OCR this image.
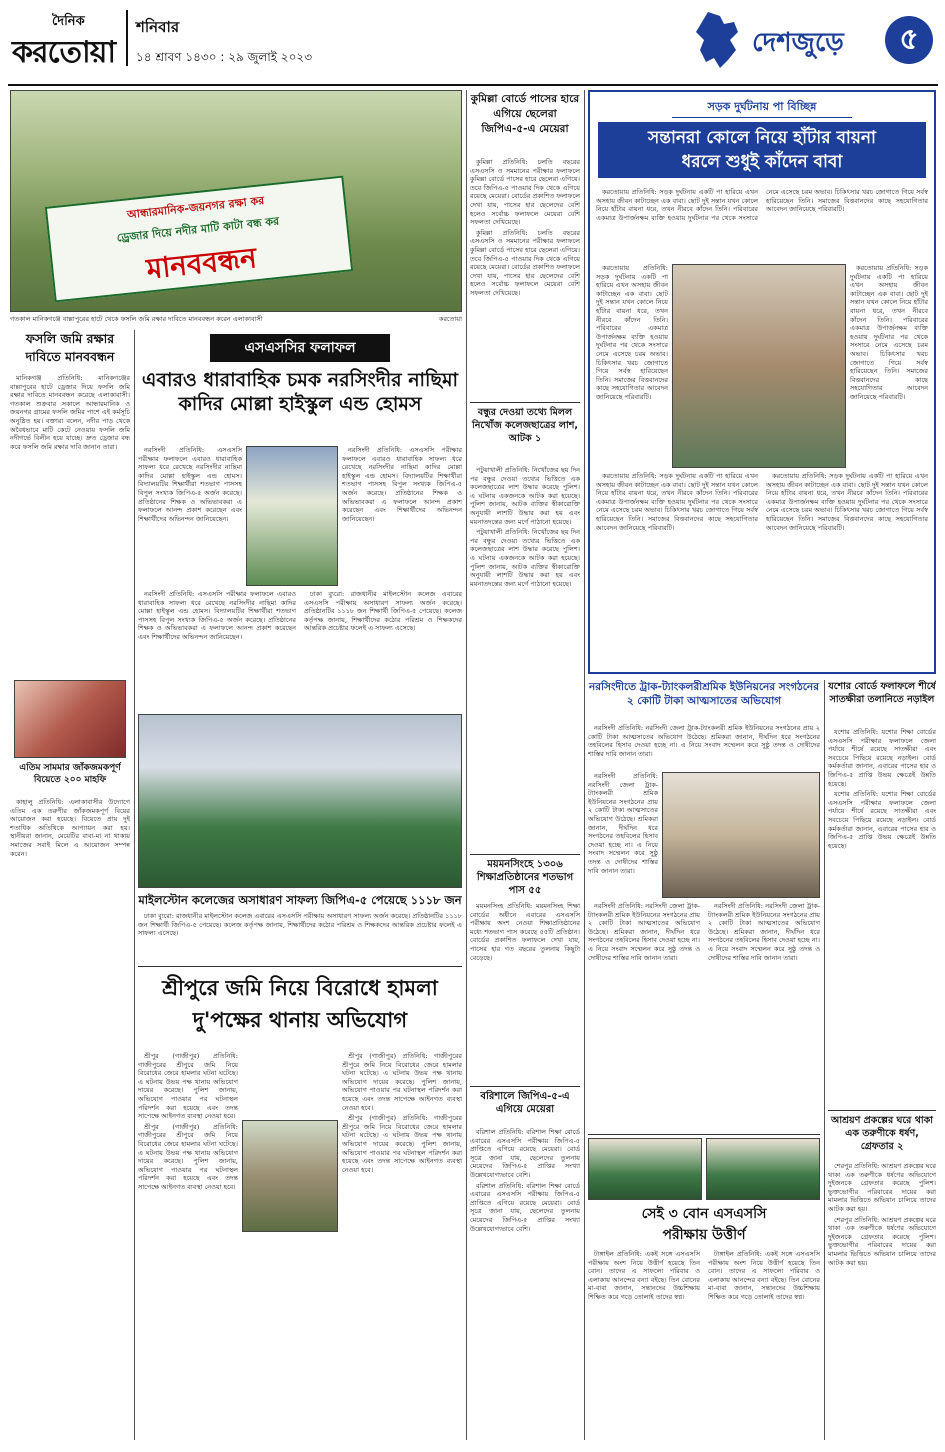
দৈনিক
করতোয়া
শনিবার
১৪ শ্রাবণ ১৪৩০ : ২৯ জুলাই ২০২৩	দেশজুড়ে	৫
আন্ধারমানিক-জয়নগর রক্ষা কর
ড্রেজার দিয়ে নদীর মাটি কাটা বন্ধ কর
মানববন্ধন
গতকাল মানিকগঞ্জে বাল্লাপুরের হাটে থেকে ফসলি জমি রক্ষার দাবিতে মানববন্ধন করেন এলাকাবাসী	করতোয়া
ফসলি জমি রক্ষার
দাবিতে মানববন্ধন

মানিকগঞ্জ প্রতিনিধি: মানিকগঞ্জের বাল্লাপুরের হাটে ড্রেজার দিয়ে ফসলি জমি রক্ষার দাবিতে মানববন্ধন করেছে এলাকাবাসী। গতকাল শুক্রবার সকালে আন্ধারমানিক ও জয়নগর গ্রামের ফসলি জমির পাশে এই কর্মসূচি অনুষ্ঠিত হয়। বক্তারা বলেন, নদীর পাড় থেকে অবৈধভাবে মাটি কেটে নেওয়ায় ফসলি জমি নদীগর্ভে বিলীন হয়ে যাচ্ছে। দ্রুত ড্রেজার বন্ধ করে ফসলি জমি রক্ষার দাবি জানান তারা।

এতিম সামমার জাঁকজমকপূর্ণ বিয়েতে ২০০ মাহফি

কাহালু প্রতিনিধি: এলাকাবাসীর উদ্যোগে এতিম এক তরুণীর জাঁকজমকপূর্ণ বিয়ের আয়োজন করা হয়েছে। বিয়েতে প্রায় দুই শতাধিক অতিথিকে আপ্যায়ন করা হয়। স্থানীয়রা জানান, মেয়েটির বাবা-মা না থাকায় সমাজের সবাই মিলে এ আয়োজন সম্পন্ন করেন।

এসএসসির ফলাফল
এবারও ধারাবাহিক চমক নরসিংদীর নাছিমা
কাদির মোল্লা হাইস্কুল এন্ড হোমস

নরসিংদী প্রতিনিধি: এসএসসি পরীক্ষার ফলাফলে এবারও ধারাবাহিক সাফল্য ধরে রেখেছে নরসিংদীর নাছিমা কাদির মোল্লা হাইস্কুল এন্ড হোমস। বিদ্যালয়টির শিক্ষার্থীরা শতভাগ পাসসহ বিপুল সংখ্যক জিপিএ-৫ অর্জন করেছে। প্রতিষ্ঠানের শিক্ষক ও অভিভাবকরা এ ফলাফলে আনন্দ প্রকাশ করেছেন এবং শিক্ষার্থীদের অভিনন্দন জানিয়েছেন।

নরসিংদী প্রতিনিধি: এসএসসি পরীক্ষার ফলাফলে এবারও ধারাবাহিক সাফল্য ধরে রেখেছে নরসিংদীর নাছিমা কাদির মোল্লা হাইস্কুল এন্ড হোমস। বিদ্যালয়টির শিক্ষার্থীরা শতভাগ পাসসহ বিপুল সংখ্যক জিপিএ-৫ অর্জন করেছে। প্রতিষ্ঠানের শিক্ষক ও অভিভাবকরা এ ফলাফলে আনন্দ প্রকাশ করেছেন এবং শিক্ষার্থীদের অভিনন্দন জানিয়েছেন।

নরসিংদী প্রতিনিধি: এসএসসি পরীক্ষার ফলাফলে এবারও ধারাবাহিক সাফল্য ধরে রেখেছে নরসিংদীর নাছিমা কাদির মোল্লা হাইস্কুল এন্ড হোমস। বিদ্যালয়টির শিক্ষার্থীরা শতভাগ পাসসহ বিপুল সংখ্যক জিপিএ-৫ অর্জন করেছে। প্রতিষ্ঠানের শিক্ষক ও অভিভাবকরা এ ফলাফলে আনন্দ প্রকাশ করেছেন এবং শিক্ষার্থীদের অভিনন্দন জানিয়েছেন।

ঢাকা ব্যুরো: রাজধানীর মাইলস্টোন কলেজ এবারের এসএসসি পরীক্ষায় অসাধারণ সাফল্য অর্জন করেছে। প্রতিষ্ঠানটির ১১১৮ জন শিক্ষার্থী জিপিএ-৫ পেয়েছে। কলেজ কর্তৃপক্ষ জানায়, শিক্ষার্থীদের কঠোর পরিশ্রম ও শিক্ষকদের আন্তরিক প্রচেষ্টার ফলেই এ সাফল্য এসেছে।

মাইলস্টোন কলেজের অসাধারণ সাফল্য জিপিএ-৫ পেয়েছে ১১১৮ জন

ঢাকা ব্যুরো: রাজধানীর মাইলস্টোন কলেজ এবারের এসএসসি পরীক্ষায় অসাধারণ সাফল্য অর্জন করেছে। প্রতিষ্ঠানটির ১১১৮ জন শিক্ষার্থী জিপিএ-৫ পেয়েছে। কলেজ কর্তৃপক্ষ জানায়, শিক্ষার্থীদের কঠোর পরিশ্রম ও শিক্ষকদের আন্তরিক প্রচেষ্টার ফলেই এ সাফল্য এসেছে।

শ্রীপুরে জমি নিয়ে বিরোধে হামলা
দু'পক্ষের থানায় অভিযোগ

শ্রীপুর (গাজীপুর) প্রতিনিধি: গাজীপুরের শ্রীপুরে জমি নিয়ে বিরোধের জেরে হামলার ঘটনা ঘটেছে। এ ঘটনায় উভয় পক্ষ থানায় অভিযোগ দায়ের করেছে। পুলিশ জানায়, অভিযোগ পাওয়ার পর ঘটনাস্থল পরিদর্শন করা হয়েছে এবং তদন্ত সাপেক্ষে আইনগত ব্যবস্থা নেওয়া হবে।

শ্রীপুর (গাজীপুর) প্রতিনিধি: গাজীপুরের শ্রীপুরে জমি নিয়ে বিরোধের জেরে হামলার ঘটনা ঘটেছে। এ ঘটনায় উভয় পক্ষ থানায় অভিযোগ দায়ের করেছে। পুলিশ জানায়, অভিযোগ পাওয়ার পর ঘটনাস্থল পরিদর্শন করা হয়েছে এবং তদন্ত সাপেক্ষে আইনগত ব্যবস্থা নেওয়া হবে।

শ্রীপুর (গাজীপুর) প্রতিনিধি: গাজীপুরের শ্রীপুরে জমি নিয়ে বিরোধের জেরে হামলার ঘটনা ঘটেছে। এ ঘটনায় উভয় পক্ষ থানায় অভিযোগ দায়ের করেছে। পুলিশ জানায়, অভিযোগ পাওয়ার পর ঘটনাস্থল পরিদর্শন করা হয়েছে এবং তদন্ত সাপেক্ষে আইনগত ব্যবস্থা নেওয়া হবে।

শ্রীপুর (গাজীপুর) প্রতিনিধি: গাজীপুরের শ্রীপুরে জমি নিয়ে বিরোধের জেরে হামলার ঘটনা ঘটেছে। এ ঘটনায় উভয় পক্ষ থানায় অভিযোগ দায়ের করেছে। পুলিশ জানায়, অভিযোগ পাওয়ার পর ঘটনাস্থল পরিদর্শন করা হয়েছে এবং তদন্ত সাপেক্ষে আইনগত ব্যবস্থা নেওয়া হবে।

কুমিল্লা বোর্ডে পাসের হারে এগিয়ে ছেলেরা জিপিএ-৫-এ মেয়েরা

কুমিল্লা প্রতিনিধি: চলতি বছরের এসএসসি ও সমমানের পরীক্ষার ফলাফলে কুমিল্লা বোর্ডে পাসের হারে ছেলেরা এগিয়ে। তবে জিপিএ-৫ পাওয়ার দিক থেকে এগিয়ে রয়েছে মেয়েরা। বোর্ডের প্রকাশিত ফলাফলে দেখা যায়, পাসের হার ছেলেদের বেশি হলেও সর্বোচ্চ ফলাফলে মেয়েরা বেশি সফলতা দেখিয়েছে।

কুমিল্লা প্রতিনিধি: চলতি বছরের এসএসসি ও সমমানের পরীক্ষার ফলাফলে কুমিল্লা বোর্ডে পাসের হারে ছেলেরা এগিয়ে। তবে জিপিএ-৫ পাওয়ার দিক থেকে এগিয়ে রয়েছে মেয়েরা। বোর্ডের প্রকাশিত ফলাফলে দেখা যায়, পাসের হার ছেলেদের বেশি হলেও সর্বোচ্চ ফলাফলে মেয়েরা বেশি সফলতা দেখিয়েছে।

বন্ধুর দেওয়া তথ্যে মিলল নিখোঁজ কলেজছাত্রের লাশ, আটক ১

পটুয়াখালী প্রতিনিধি: নিখোঁজের ছয় দিন পর বন্ধুর দেওয়া তথ্যের ভিত্তিতে এক কলেজছাত্রের লাশ উদ্ধার করেছে পুলিশ। এ ঘটনায় একজনকে আটক করা হয়েছে। পুলিশ জানায়, আটক ব্যক্তির স্বীকারোক্তি অনুযায়ী লাশটি উদ্ধার করা হয় এবং ময়নাতদন্তের জন্য মর্গে পাঠানো হয়েছে।

পটুয়াখালী প্রতিনিধি: নিখোঁজের ছয় দিন পর বন্ধুর দেওয়া তথ্যের ভিত্তিতে এক কলেজছাত্রের লাশ উদ্ধার করেছে পুলিশ। এ ঘটনায় একজনকে আটক করা হয়েছে। পুলিশ জানায়, আটক ব্যক্তির স্বীকারোক্তি অনুযায়ী লাশটি উদ্ধার করা হয় এবং ময়নাতদন্তের জন্য মর্গে পাঠানো হয়েছে।

ময়মনসিংহে ১৩০৬ শিক্ষাপ্রতিষ্ঠানের শতভাগ পাস ৫৫

ময়মনসিংহ প্রতিনিধি: ময়মনসিংহ শিক্ষা বোর্ডের অধীনে এবারের এসএসসি পরীক্ষায় অংশ নেওয়া শিক্ষাপ্রতিষ্ঠানের মধ্যে শতভাগ পাস করেছে ৫৫টি প্রতিষ্ঠান। বোর্ডের প্রকাশিত ফলাফলে দেখা যায়, পাসের হার গত বছরের তুলনায় কিছুটা বেড়েছে।

বরিশালে জিপিএ-৫-এ এগিয়ে মেয়েরা

বরিশাল প্রতিনিধি: বরিশাল শিক্ষা বোর্ডে এবারের এসএসসি পরীক্ষায় জিপিএ-৫ প্রাপ্তিতে এগিয়ে রয়েছে মেয়েরা। বোর্ড সূত্রে জানা যায়, ছেলেদের তুলনায় মেয়েদের জিপিএ-৫ প্রাপ্তির সংখ্যা উল্লেখযোগ্যভাবে বেশি।

বরিশাল প্রতিনিধি: বরিশাল শিক্ষা বোর্ডে এবারের এসএসসি পরীক্ষায় জিপিএ-৫ প্রাপ্তিতে এগিয়ে রয়েছে মেয়েরা। বোর্ড সূত্রে জানা যায়, ছেলেদের তুলনায় মেয়েদের জিপিএ-৫ প্রাপ্তির সংখ্যা উল্লেখযোগ্যভাবে বেশি।

সড়ক দুর্ঘটনায় পা বিচ্ছিন্ন
সন্তানরা কোলে নিয়ে হাঁটার বায়না
ধরলে শুধুই কাঁদেন বাবা

করতোয়ায় প্রতিনিধি: সড়ক দুর্ঘটনায় একটি পা হারিয়ে এখন অসহায় জীবন কাটাচ্ছেন এক বাবা। ছোট দুই সন্তান যখন কোলে নিয়ে হাঁটার বায়না ধরে, তখন নীরবে কাঁদেন তিনি। পরিবারের একমাত্র উপার্জনক্ষম ব্যক্তি হওয়ায় দুর্ঘটনার পর থেকে সংসারে নেমে এসেছে চরম অভাব। চিকিৎসার খরচ জোগাতে গিয়ে সর্বস্ব হারিয়েছেন তিনি। সমাজের বিত্তবানদের কাছে সহযোগিতার আবেদন জানিয়েছে পরিবারটি।

করতোয়ায় প্রতিনিধি: সড়ক দুর্ঘটনায় একটি পা হারিয়ে এখন অসহায় জীবন কাটাচ্ছেন এক বাবা। ছোট দুই সন্তান যখন কোলে নিয়ে হাঁটার বায়না ধরে, তখন নীরবে কাঁদেন তিনি। পরিবারের একমাত্র উপার্জনক্ষম ব্যক্তি হওয়ায় দুর্ঘটনার পর থেকে সংসারে নেমে এসেছে চরম অভাব। চিকিৎসার খরচ জোগাতে গিয়ে সর্বস্ব হারিয়েছেন তিনি। সমাজের বিত্তবানদের কাছে সহযোগিতার আবেদন জানিয়েছে পরিবারটি।

করতোয়ায় প্রতিনিধি: সড়ক দুর্ঘটনায় একটি পা হারিয়ে এখন অসহায় জীবন কাটাচ্ছেন এক বাবা। ছোট দুই সন্তান যখন কোলে নিয়ে হাঁটার বায়না ধরে, তখন নীরবে কাঁদেন তিনি। পরিবারের একমাত্র উপার্জনক্ষম ব্যক্তি হওয়ায় দুর্ঘটনার পর থেকে সংসারে নেমে এসেছে চরম অভাব। চিকিৎসার খরচ জোগাতে গিয়ে সর্বস্ব হারিয়েছেন তিনি। সমাজের বিত্তবানদের কাছে সহযোগিতার আবেদন জানিয়েছে পরিবারটি।

করতোয়ায় প্রতিনিধি: সড়ক দুর্ঘটনায় একটি পা হারিয়ে এখন অসহায় জীবন কাটাচ্ছেন এক বাবা। ছোট দুই সন্তান যখন কোলে নিয়ে হাঁটার বায়না ধরে, তখন নীরবে কাঁদেন তিনি। পরিবারের একমাত্র উপার্জনক্ষম ব্যক্তি হওয়ায় দুর্ঘটনার পর থেকে সংসারে নেমে এসেছে চরম অভাব। চিকিৎসার খরচ জোগাতে গিয়ে সর্বস্ব হারিয়েছেন তিনি। সমাজের বিত্তবানদের কাছে সহযোগিতার আবেদন জানিয়েছে পরিবারটি।

করতোয়ায় প্রতিনিধি: সড়ক দুর্ঘটনায় একটি পা হারিয়ে এখন অসহায় জীবন কাটাচ্ছেন এক বাবা। ছোট দুই সন্তান যখন কোলে নিয়ে হাঁটার বায়না ধরে, তখন নীরবে কাঁদেন তিনি। পরিবারের একমাত্র উপার্জনক্ষম ব্যক্তি হওয়ায় দুর্ঘটনার পর থেকে সংসারে নেমে এসেছে চরম অভাব। চিকিৎসার খরচ জোগাতে গিয়ে সর্বস্ব হারিয়েছেন তিনি। সমাজের বিত্তবানদের কাছে সহযোগিতার আবেদন জানিয়েছে পরিবারটি।

নরসিংদীতে ট্রাক-ট্যাংকলরীশ্রমিক ইউনিয়নের সংগঠনের ২ কোটি টাকা আত্মসাতের অভিযোগ

নরসিংদী প্রতিনিধি: নরসিংদী জেলা ট্রাক-ট্যাংকলরী শ্রমিক ইউনিয়নের সংগঠনের প্রায় ২ কোটি টাকা আত্মসাতের অভিযোগ উঠেছে। শ্রমিকরা জানান, দীর্ঘদিন ধরে সংগঠনের তহবিলের হিসাব দেওয়া হচ্ছে না। এ নিয়ে সংবাদ সম্মেলন করে সুষ্ঠু তদন্ত ও দোষীদের শাস্তির দাবি জানান তারা।

নরসিংদী প্রতিনিধি: নরসিংদী জেলা ট্রাক-ট্যাংকলরী শ্রমিক ইউনিয়নের সংগঠনের প্রায় ২ কোটি টাকা আত্মসাতের অভিযোগ উঠেছে। শ্রমিকরা জানান, দীর্ঘদিন ধরে সংগঠনের তহবিলের হিসাব দেওয়া হচ্ছে না। এ নিয়ে সংবাদ সম্মেলন করে সুষ্ঠু তদন্ত ও দোষীদের শাস্তির দাবি জানান তারা।

নরসিংদী প্রতিনিধি: নরসিংদী জেলা ট্রাক-ট্যাংকলরী শ্রমিক ইউনিয়নের সংগঠনের প্রায় ২ কোটি টাকা আত্মসাতের অভিযোগ উঠেছে। শ্রমিকরা জানান, দীর্ঘদিন ধরে সংগঠনের তহবিলের হিসাব দেওয়া হচ্ছে না। এ নিয়ে সংবাদ সম্মেলন করে সুষ্ঠু তদন্ত ও দোষীদের শাস্তির দাবি জানান তারা।

নরসিংদী প্রতিনিধি: নরসিংদী জেলা ট্রাক-ট্যাংকলরী শ্রমিক ইউনিয়নের সংগঠনের প্রায় ২ কোটি টাকা আত্মসাতের অভিযোগ উঠেছে। শ্রমিকরা জানান, দীর্ঘদিন ধরে সংগঠনের তহবিলের হিসাব দেওয়া হচ্ছে না। এ নিয়ে সংবাদ সম্মেলন করে সুষ্ঠু তদন্ত ও দোষীদের শাস্তির দাবি জানান তারা।

যশোর বোর্ডে ফলাফলে শীর্ষে সাতক্ষীরা তলানিতে নড়াইল

যশোর প্রতিনিধি: যশোর শিক্ষা বোর্ডের এসএসসি পরীক্ষার ফলাফলে জেলা পর্যায়ে শীর্ষে রয়েছে সাতক্ষীরা এবং সবচেয়ে পিছিয়ে রয়েছে নড়াইল। বোর্ড কর্মকর্তারা জানান, এবারের পাসের হার ও জিপিএ-৫ প্রাপ্তি উভয় ক্ষেত্রেই উন্নতি হয়েছে।

যশোর প্রতিনিধি: যশোর শিক্ষা বোর্ডের এসএসসি পরীক্ষার ফলাফলে জেলা পর্যায়ে শীর্ষে রয়েছে সাতক্ষীরা এবং সবচেয়ে পিছিয়ে রয়েছে নড়াইল। বোর্ড কর্মকর্তারা জানান, এবারের পাসের হার ও জিপিএ-৫ প্রাপ্তি উভয় ক্ষেত্রেই উন্নতি হয়েছে।

আশ্রয়ণ প্রকল্পের ঘরে থাকা এক তরুণীকে ধর্ষণ, গ্রেফতার ২

শেরপুর প্রতিনিধি: আশ্রয়ণ প্রকল্পের ঘরে থাকা এক তরুণীকে ধর্ষণের অভিযোগে দুইজনকে গ্রেফতার করেছে পুলিশ। ভুক্তভোগীর পরিবারের দায়ের করা মামলার ভিত্তিতে অভিযান চালিয়ে তাদের আটক করা হয়।

শেরপুর প্রতিনিধি: আশ্রয়ণ প্রকল্পের ঘরে থাকা এক তরুণীকে ধর্ষণের অভিযোগে দুইজনকে গ্রেফতার করেছে পুলিশ। ভুক্তভোগীর পরিবারের দায়ের করা মামলার ভিত্তিতে অভিযান চালিয়ে তাদের আটক করা হয়।

সেই ৩ বোন এসএসসি
পরীক্ষায় উত্তীর্ণ

টাঙ্গাইল প্রতিনিধি: একই সঙ্গে এসএসসি পরীক্ষায় অংশ নিয়ে উত্তীর্ণ হয়েছে তিন বোন। তাদের এ সাফল্যে পরিবার ও এলাকায় আনন্দের বন্যা বইছে। তিন বোনের মা-বাবা জানান, সন্তানদের উচ্চশিক্ষায় শিক্ষিত করে গড়ে তোলাই তাদের স্বপ্ন।

টাঙ্গাইল প্রতিনিধি: একই সঙ্গে এসএসসি পরীক্ষায় অংশ নিয়ে উত্তীর্ণ হয়েছে তিন বোন। তাদের এ সাফল্যে পরিবার ও এলাকায় আনন্দের বন্যা বইছে। তিন বোনের মা-বাবা জানান, সন্তানদের উচ্চশিক্ষায় শিক্ষিত করে গড়ে তোলাই তাদের স্বপ্ন।
